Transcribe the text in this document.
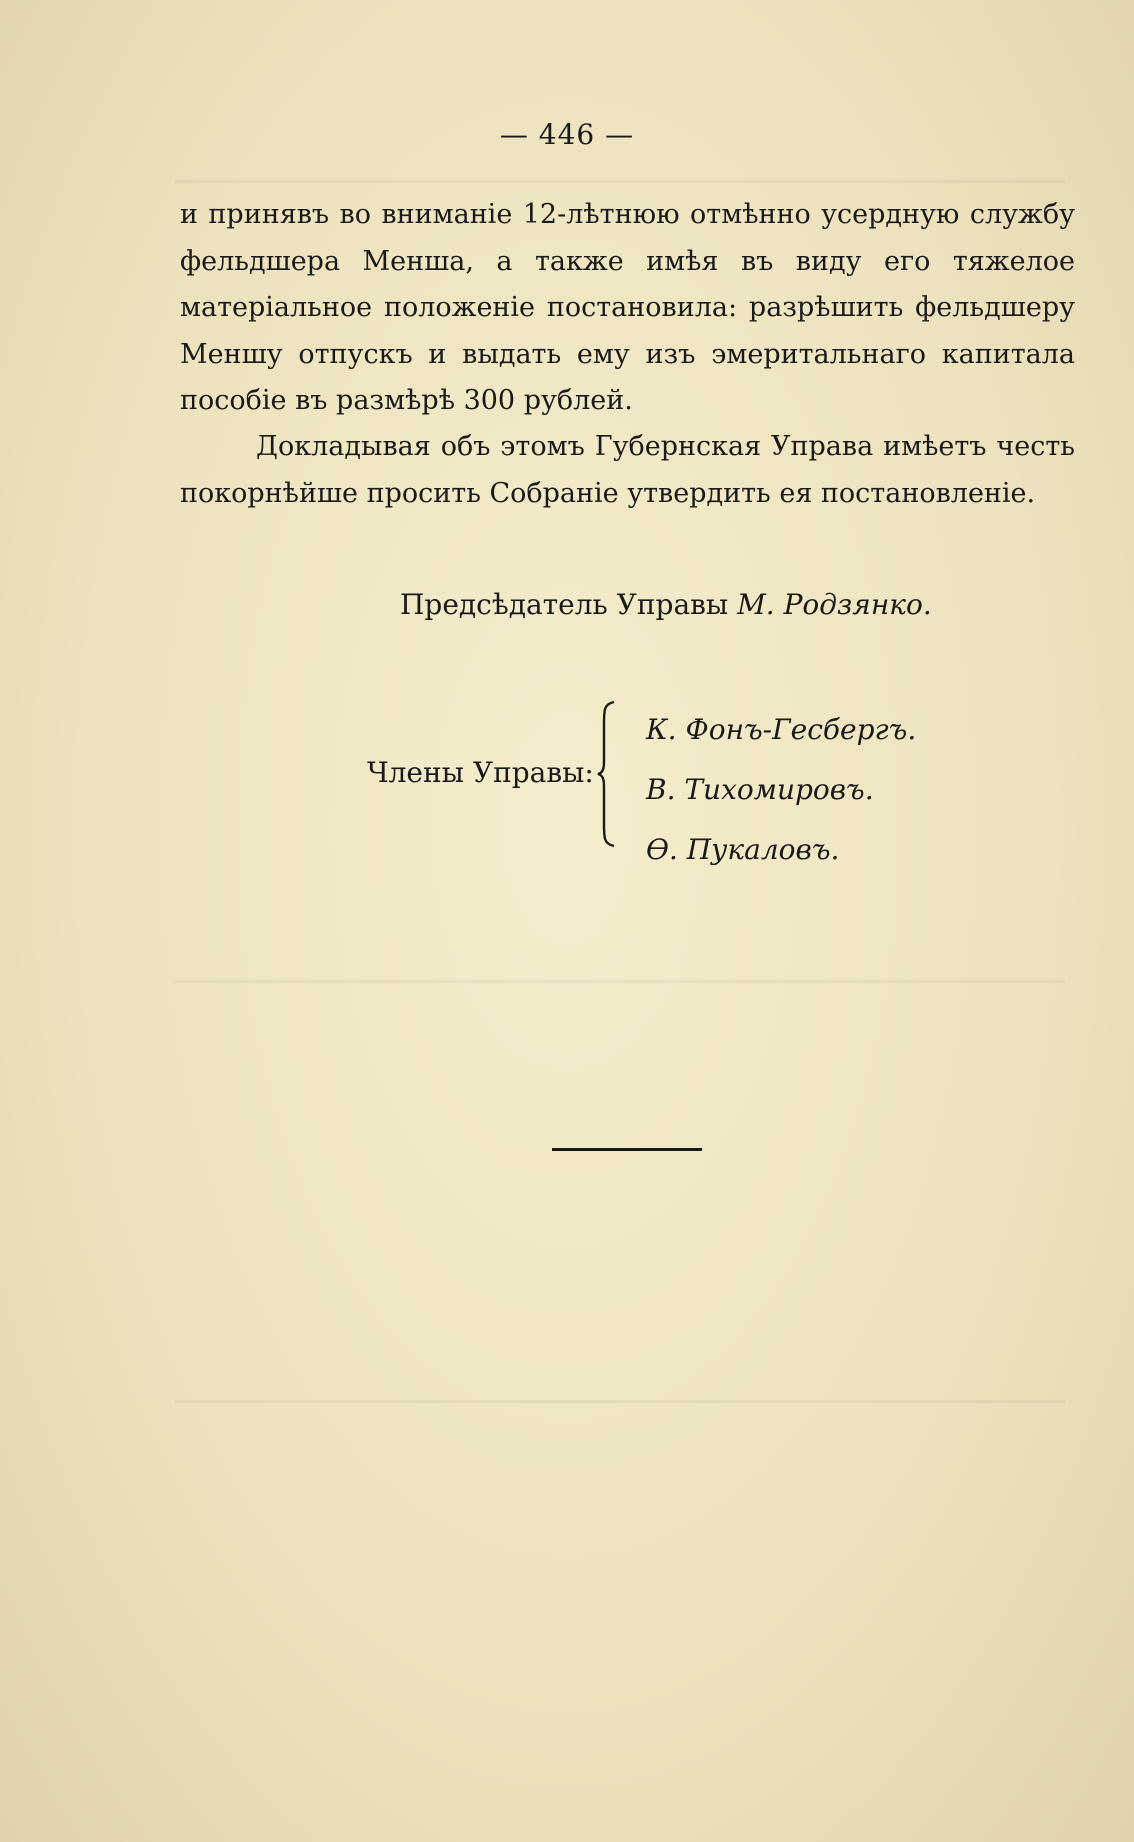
— 446 —
и принявъ во вниманіе 12-лѣтнюю отмѣнно усердную службу фельдшера Менша, а также имѣя въ виду его тяжелое матеріальное положеніе постановила: разрѣшить фельдшеру Меншу отпускъ и выдать ему изъ эмеритальнаго капитала пособіе въ размѣрѣ 300 рублей.
Докладывая объ этомъ Губернская Управа имѣетъ честь покорнѣйше просить Собраніе утвердить ея постановленіе.
Предсѣдатель Управы М. Родзянко.
Члены Управы:
К. Фонъ-Гесбергъ.
В. Тихомировъ.
Ѳ. Пукаловъ.
